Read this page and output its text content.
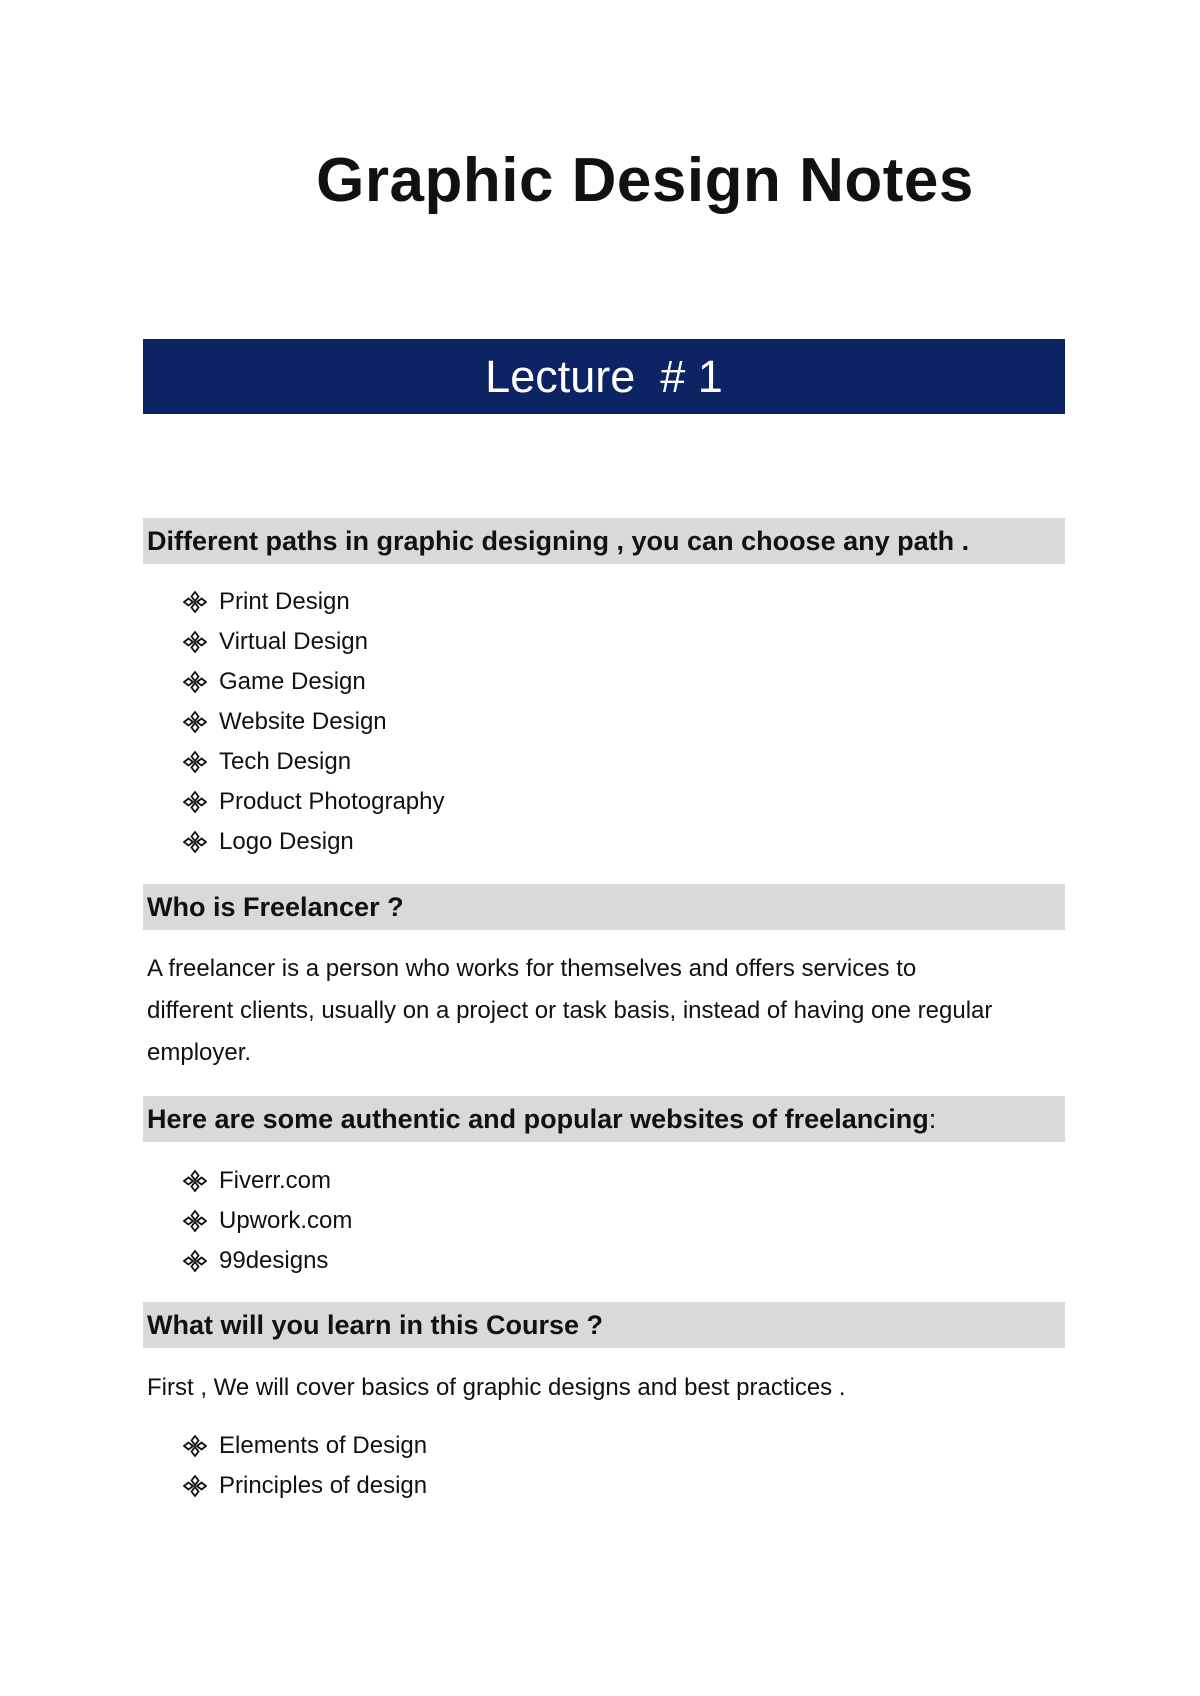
Graphic Design Notes
Lecture  # 1
Different paths in graphic designing , you can choose any path .
Print Design
Virtual Design
Game Design
Website Design
Tech Design
Product Photography
Logo Design
Who is Freelancer ?
A freelancer is a person who works for themselves and offers services to different clients, usually on a project or task basis, instead of having one regular employer.
Here are some authentic and popular websites of freelancing :
Fiverr.com
Upwork.com
99designs
What will you learn in this Course ?
First , We will cover basics of graphic designs and best practices .
Elements of Design
Principles of design
